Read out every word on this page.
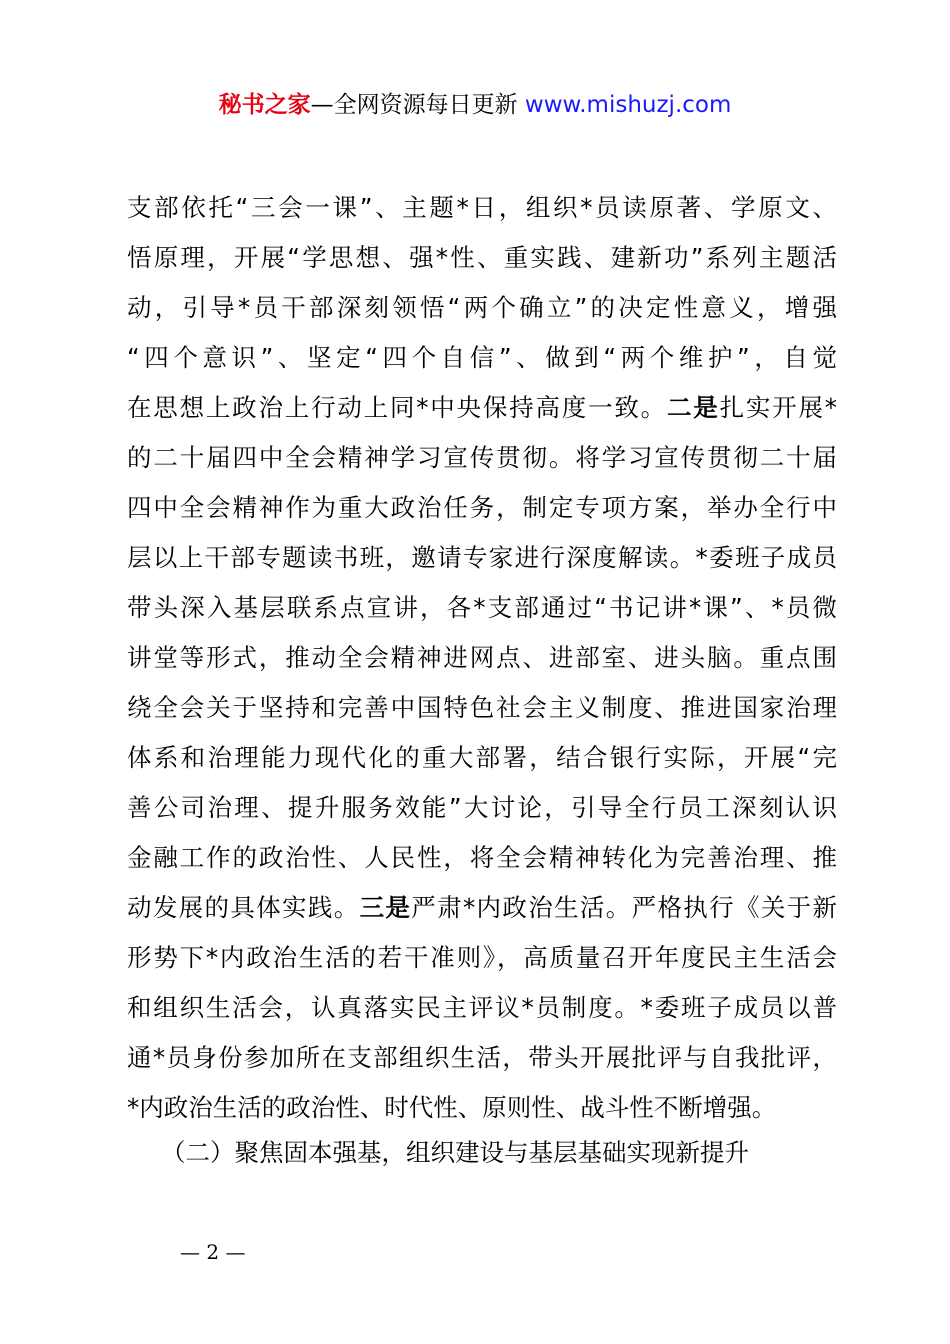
秘书之家—全网资源每日更新 www.mishuzj.com
支部依托“三会一课”、主题*日，组织*员读原著、学原文、
悟原理，开展“学思想、强*性、重实践、建新功”系列主题活
动，引导*员干部深刻领悟“两个确立”的决定性意义，增强
“四个意识”、坚定“四个自信”、做到“两个维护”，自觉
在思想上政治上行动上同*中央保持高度一致。二是扎实开展*
的二十届四中全会精神学习宣传贯彻。将学习宣传贯彻二十届
四中全会精神作为重大政治任务，制定专项方案，举办全行中
层以上干部专题读书班，邀请专家进行深度解读。*委班子成员
带头深入基层联系点宣讲，各*支部通过“书记讲*课”、*员微
讲堂等形式，推动全会精神进网点、进部室、进头脑。重点围
绕全会关于坚持和完善中国特色社会主义制度、推进国家治理
体系和治理能力现代化的重大部署，结合银行实际，开展“完
善公司治理、提升服务效能”大讨论，引导全行员工深刻认识
金融工作的政治性、人民性，将全会精神转化为完善治理、推
动发展的具体实践。三是严肃*内政治生活。严格执行《关于新
形势下*内政治生活的若干准则》，高质量召开年度民主生活会
和组织生活会，认真落实民主评议*员制度。*委班子成员以普
通*员身份参加所在支部组织生活，带头开展批评与自我批评，
*内政治生活的政治性、时代性、原则性、战斗性不断增强。
（二）聚焦固本强基，组织建设与基层基础实现新提升
— 2 —
